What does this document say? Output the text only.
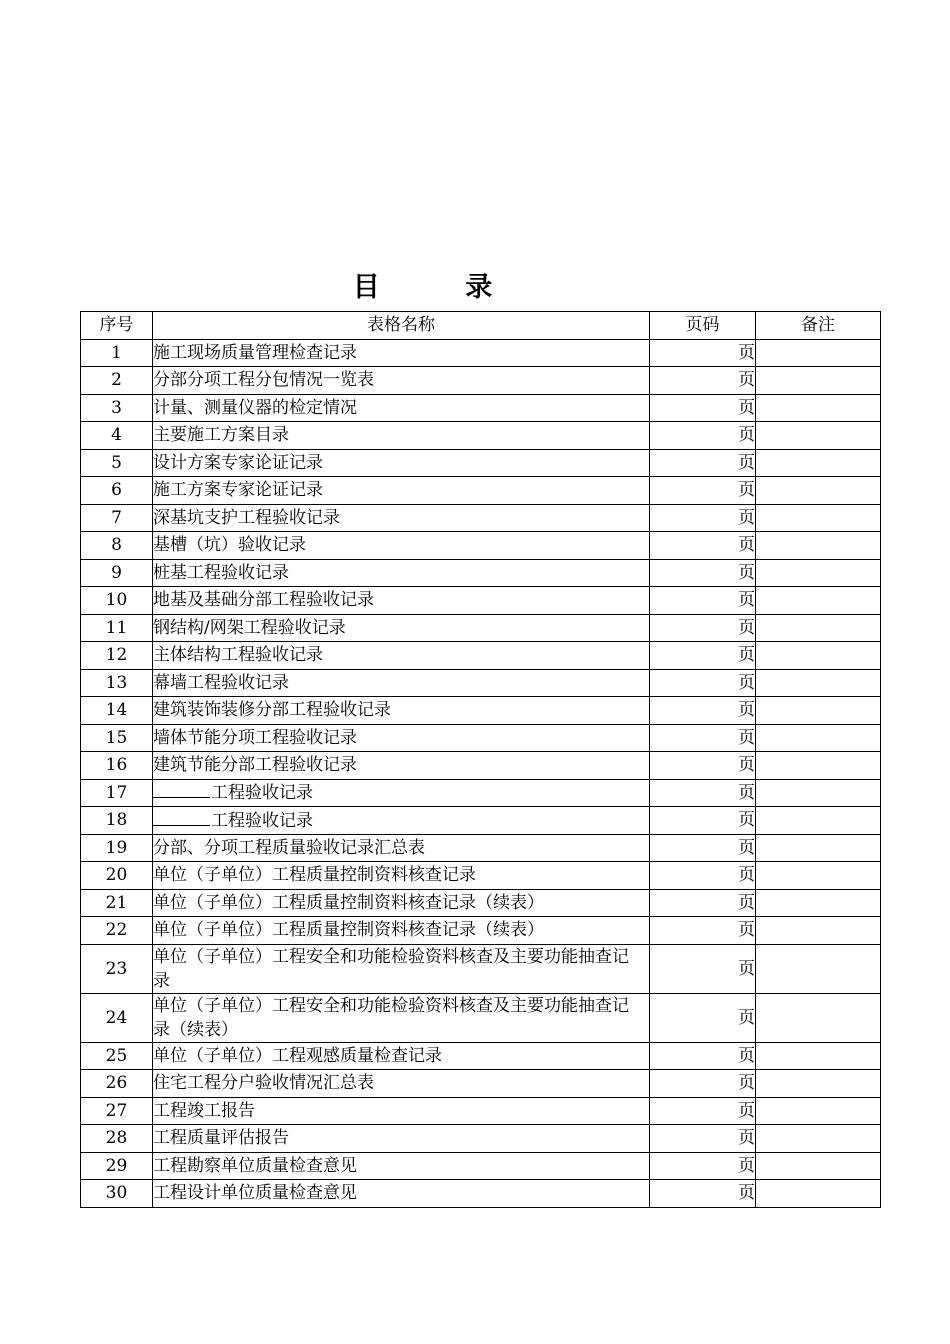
目 录
序号	表格名称	页码	备注
1	施工现场质量管理检查记录	页	
2	分部分项工程分包情况一览表	页	
3	计量、测量仪器的检定情况	页	
4	主要施工方案目录	页	
5	设计方案专家论证记录	页	
6	施工方案专家论证记录	页	
7	深基坑支护工程验收记录	页	
8	基槽（坑）验收记录	页	
9	桩基工程验收记录	页	
10	地基及基础分部工程验收记录	页	
11	钢结构/网架工程验收记录	页	
12	主体结构工程验收记录	页	
13	幕墙工程验收记录	页	
14	建筑装饰装修分部工程验收记录	页	
15	墙体节能分项工程验收记录	页	
16	建筑节能分部工程验收记录	页	
17	工程验收记录	页	
18	工程验收记录	页	
19	分部、分项工程质量验收记录汇总表	页	
20	单位（子单位）工程质量控制资料核查记录	页	
21	单位（子单位）工程质量控制资料核查记录（续表）	页	
22	单位（子单位）工程质量控制资料核查记录（续表）	页	
23	单位（子单位）工程安全和功能检验资料核查及主要功能抽查记录	页	
24	单位（子单位）工程安全和功能检验资料核查及主要功能抽查记录（续表）	页	
25	单位（子单位）工程观感质量检查记录	页	
26	住宅工程分户验收情况汇总表	页	
27	工程竣工报告	页	
28	工程质量评估报告	页	
29	工程勘察单位质量检查意见	页	
30	工程设计单位质量检查意见	页	
